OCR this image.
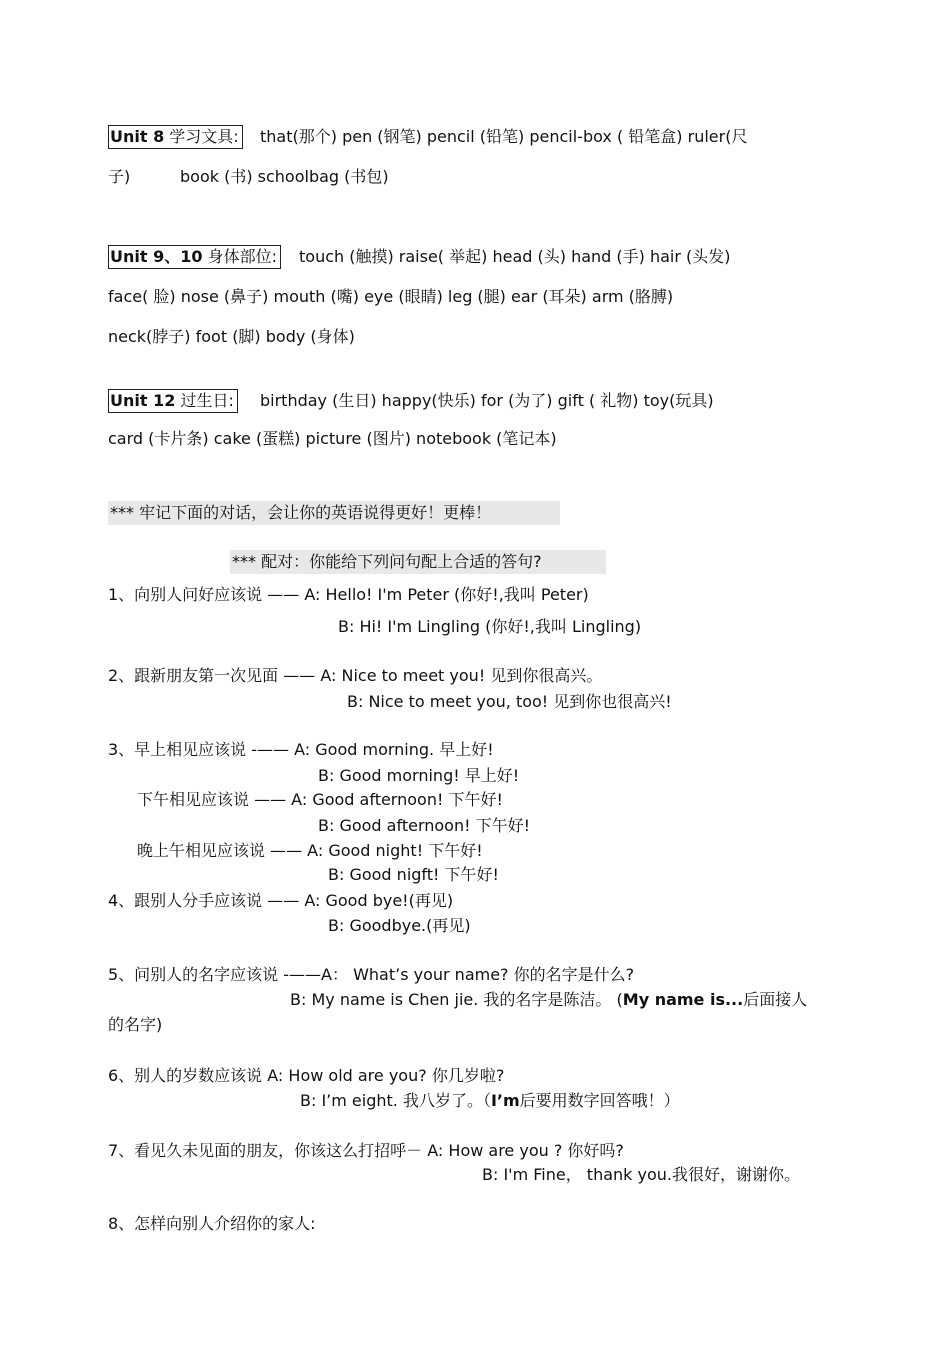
Unit 8 学习文具: that(那个) pen (钢笔) pencil (铅笔) pencil-box ( 铅笔盒) ruler(尺
子)	book (书) schoolbag (书包)
Unit 9、10 身体部位: touch (触摸) raise( 举起) head (头) hand (手) hair (头发)
face( 脸) nose (鼻子) mouth (嘴) eye (眼睛) leg (腿) ear (耳朵) arm (胳膊)
neck(脖子) foot (脚) body (身体)
Unit 12 过生日: birthday (生日) happy(快乐) for (为了) gift ( 礼物) toy(玩具)
card (卡片条) cake (蛋糕) picture (图片) notebook (笔记本)
*** 牢记下面的对话，会让你的英语说得更好！更棒！
*** 配对：你能给下列问句配上合适的答句?
1、向别人问好应该说 —— A: Hello! I'm Peter (你好!,我叫 Peter)
B: Hi! I'm Lingling (你好!,我叫 Lingling)
2、跟新朋友第一次见面 —— A: Nice to meet you! 见到你很高兴。
B: Nice to meet you, too! 见到你也很高兴!
3、早上相见应该说 -—— A: Good morning. 早上好!
B: Good morning! 早上好!
下午相见应该说 —— A: Good afternoon! 下午好!
B: Good afternoon! 下午好!
晚上午相见应该说 —— A: Good night! 下午好!
B: Good nigft! 下午好!
4、跟别人分手应该说 —— A: Good bye!(再见)
B: Goodbye.(再见)
5、问别人的名字应该说 -——A： What’s your name? 你的名字是什么?
B: My name is Chen jie. 我的名字是陈洁。 (My name is...后面接人
的名字)
6、别人的岁数应该说 A: How old are you? 你几岁啦?
B: I’m eight. 我八岁了。（I’m后要用数字回答哦！）
7、看见久未见面的朋友，你该这么打招呼－ A: How are you ? 你好吗?
B: I'm Fine， thank you.我很好，谢谢你。
8、怎样向别人介绍你的家人:
